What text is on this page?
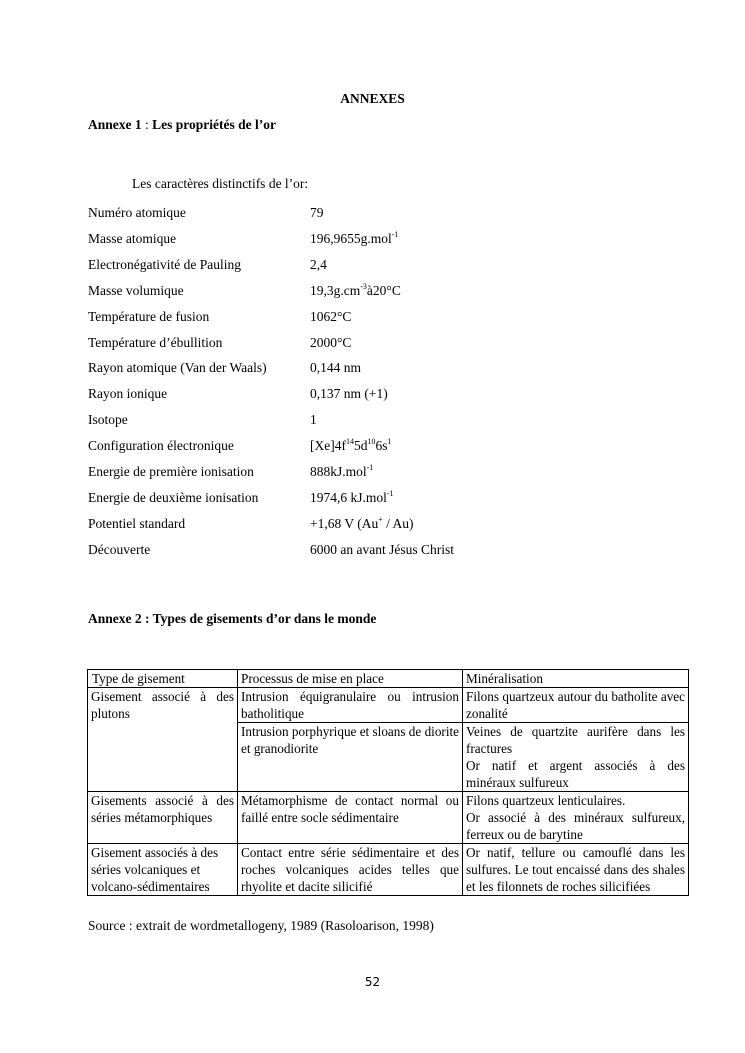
ANNEXES
Annexe 1 : Les propriétés de l’or
Les caractères distinctifs de l’or:
Numéro atomique	79
Masse atomique	196,9655g.mol$^{-1}$
Electronégativité de Pauling	2,4
Masse volumique	$19,3g.cm^{-3}à20^\circ C$
Température de fusion	1062°C
Température d’ébullition	2000°C
Rayon atomique (Van der Waals)	0,144 nm
Rayon ionique	0,137 nm (+1)
Isotope	1
Configuration électronique	$[Xe]4f^{14}5d^{10}6s^1$
Energie de première ionisation	888kJ.mol$^{-1}$
Energie de deuxième ionisation	1974,6 kJ.mol$^{-1}$
Potentiel standard	+1,68 V (Au+ / Au)
Découverte	6000 an avant Jésus Christ
Annexe 2 : Types de gisements d’or dans le monde
Type de gisement	Processus de mise en place	Minéralisation
Gisement associé à des plutons	Intrusion équigranulaire ou intrusion batholitique	Filons quartzeux autour du batholite avec zonalité

	Intrusion porphyrique et sloans de diorite et granodiorite	Veines de quartzite aurifère dans les fractures

Or natif et argent associés à des minéraux sulfureux

Gisements associé à des séries métamorphiques	Métamorphisme de contact normal ou faillé entre socle sédimentaire	Filons quartzeux lenticulaires.

Or associé à des minéraux sulfureux, ferreux ou de barytine

Gisement associés à des séries volcaniques et volcano-sédimentaires	Contact entre série sédimentaire et des roches volcaniques acides telles que rhyolite et dacite silicifié	Or natif, tellure ou camouflé dans les sulfures. Le tout encaissé dans des shales et les filonnets de roches silicifiées

Source : extrait de wordmetallogeny, 1989 (Rasoloarison, 1998)
52
